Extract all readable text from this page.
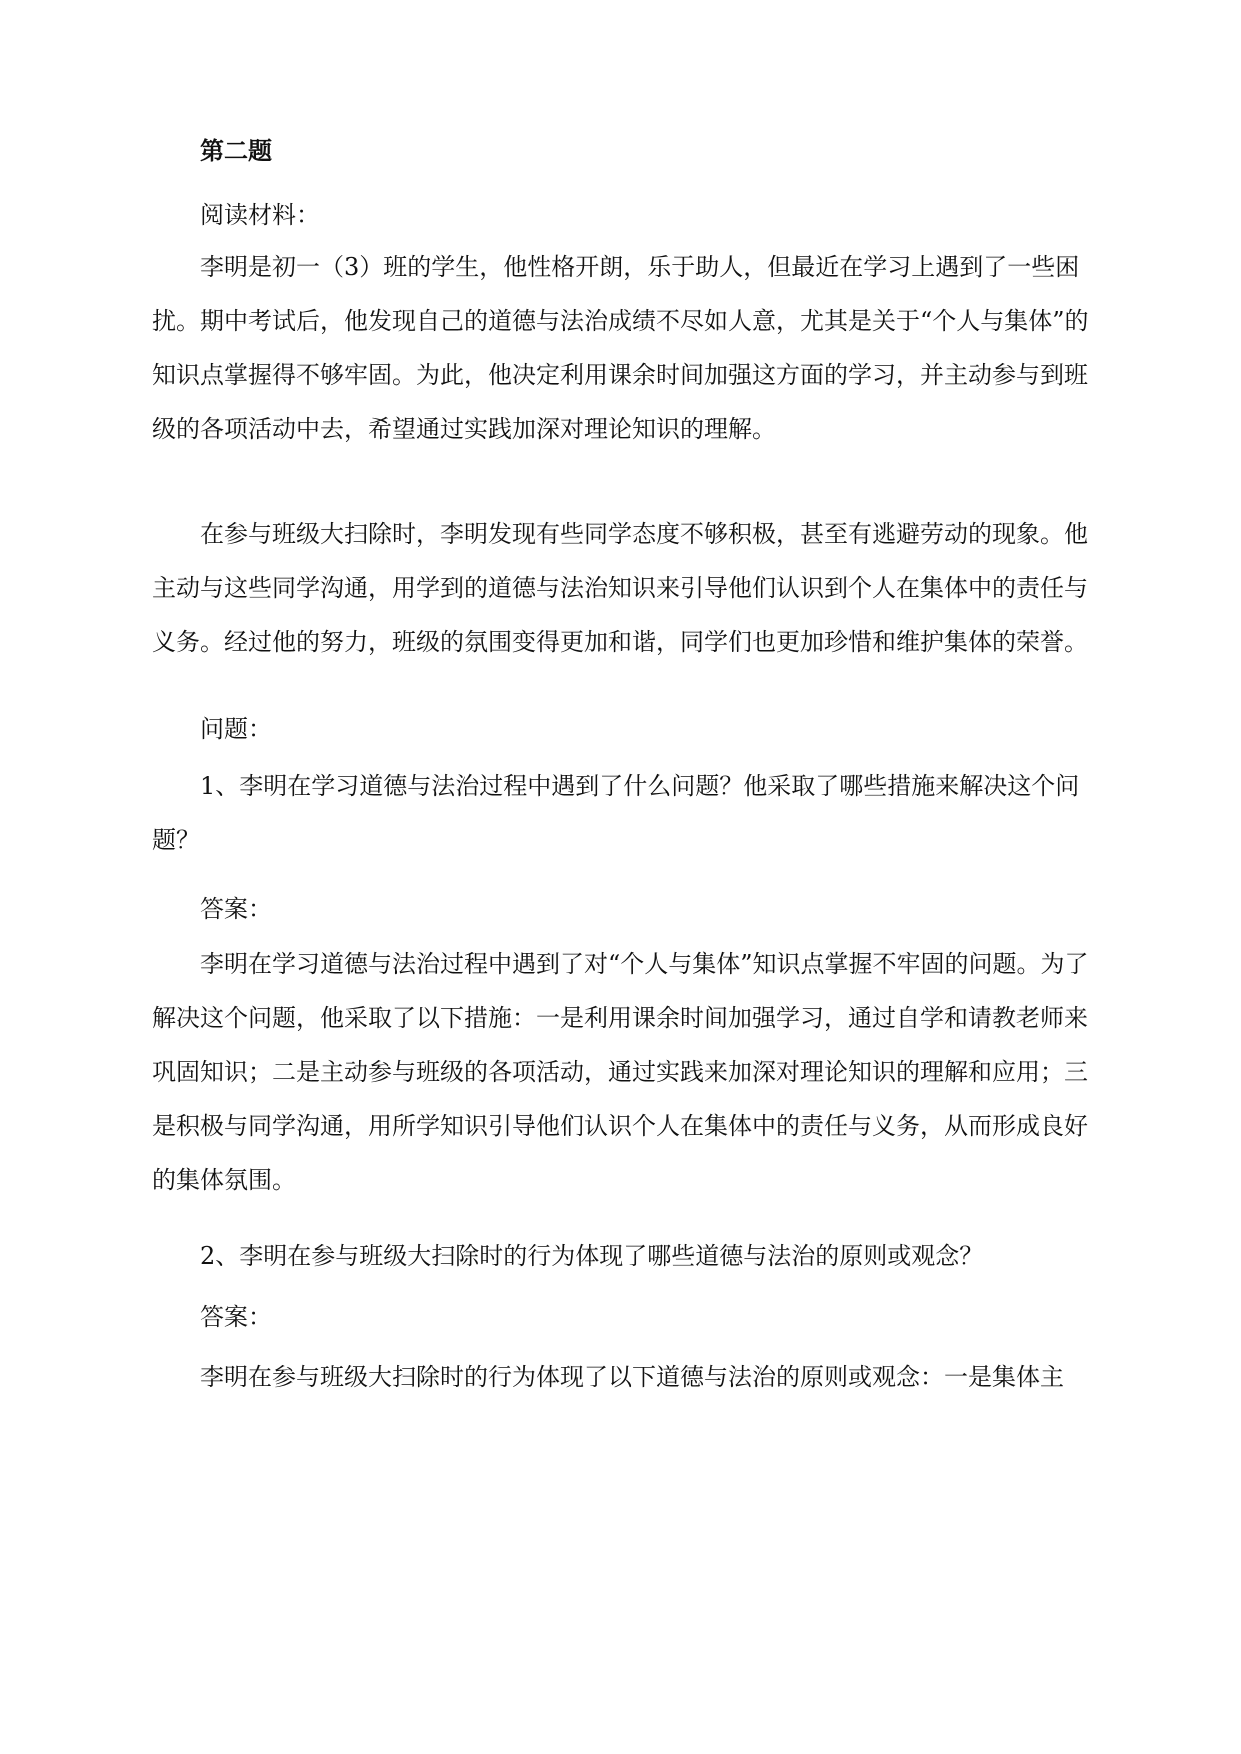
第二题

阅读材料：

李明是初一（3）班的学生，他性格开朗，乐于助人，但最近在学习上遇到了一些困扰。期中考试后，他发现自己的道德与法治成绩不尽如人意，尤其是关于“个人与集体”的知识点掌握得不够牢固。为此，他决定利用课余时间加强这方面的学习，并主动参与到班级的各项活动中去，希望通过实践加深对理论知识的理解。

在参与班级大扫除时，李明发现有些同学态度不够积极，甚至有逃避劳动的现象。他主动与这些同学沟通，用学到的道德与法治知识来引导他们认识到个人在集体中的责任与义务。经过他的努力，班级的氛围变得更加和谐，同学们也更加珍惜和维护集体的荣誉。

问题：

1、李明在学习道德与法治过程中遇到了什么问题？他采取了哪些措施来解决这个问题？

答案：

李明在学习道德与法治过程中遇到了对“个人与集体”知识点掌握不牢固的问题。为了解决这个问题，他采取了以下措施：一是利用课余时间加强学习，通过自学和请教老师来巩固知识；二是主动参与班级的各项活动，通过实践来加深对理论知识的理解和应用；三是积极与同学沟通，用所学知识引导他们认识个人在集体中的责任与义务，从而形成良好的集体氛围。

2、李明在参与班级大扫除时的行为体现了哪些道德与法治的原则或观念？

答案：

李明在参与班级大扫除时的行为体现了以下道德与法治的原则或观念：一是集体主
